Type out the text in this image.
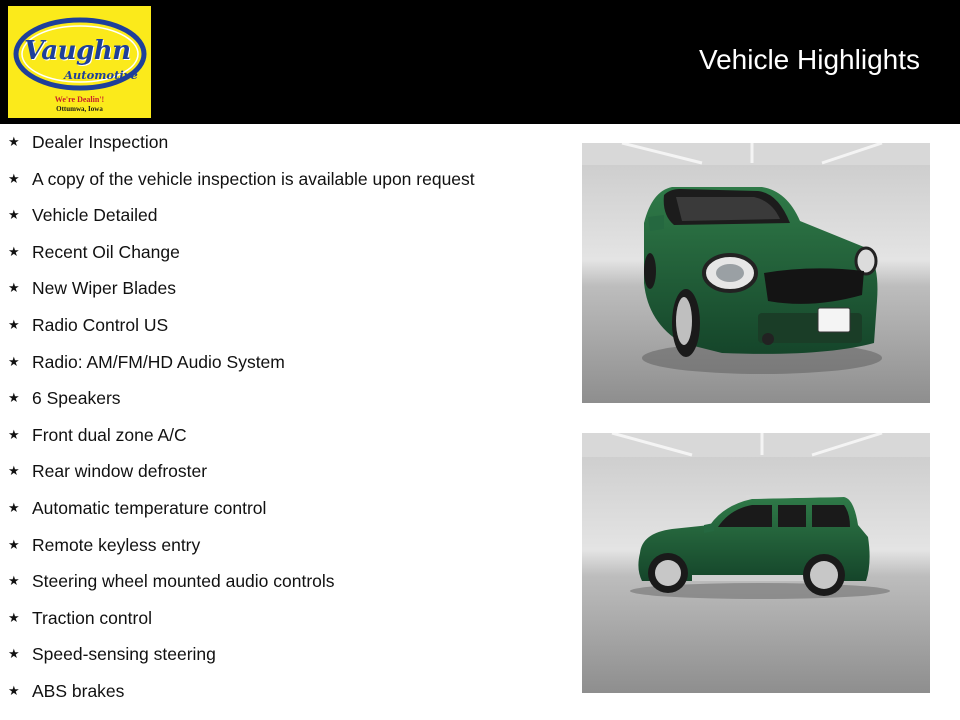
Vaughn
Automotive
We're Dealin'!
Ottumwa, Iowa
Vehicle Highlights
★ Dealer Inspection
★ A copy of the vehicle inspection is available upon request
★ Vehicle Detailed
★ Recent Oil Change
★ New Wiper Blades
★ Radio Control US
★ Radio: AM/FM/HD Audio System
★ 6 Speakers
★ Front dual zone A/C
★ Rear window defroster
★ Automatic temperature control
★ Remote keyless entry
★ Steering wheel mounted audio controls
★ Traction control
★ Speed-sensing steering
★ ABS brakes
